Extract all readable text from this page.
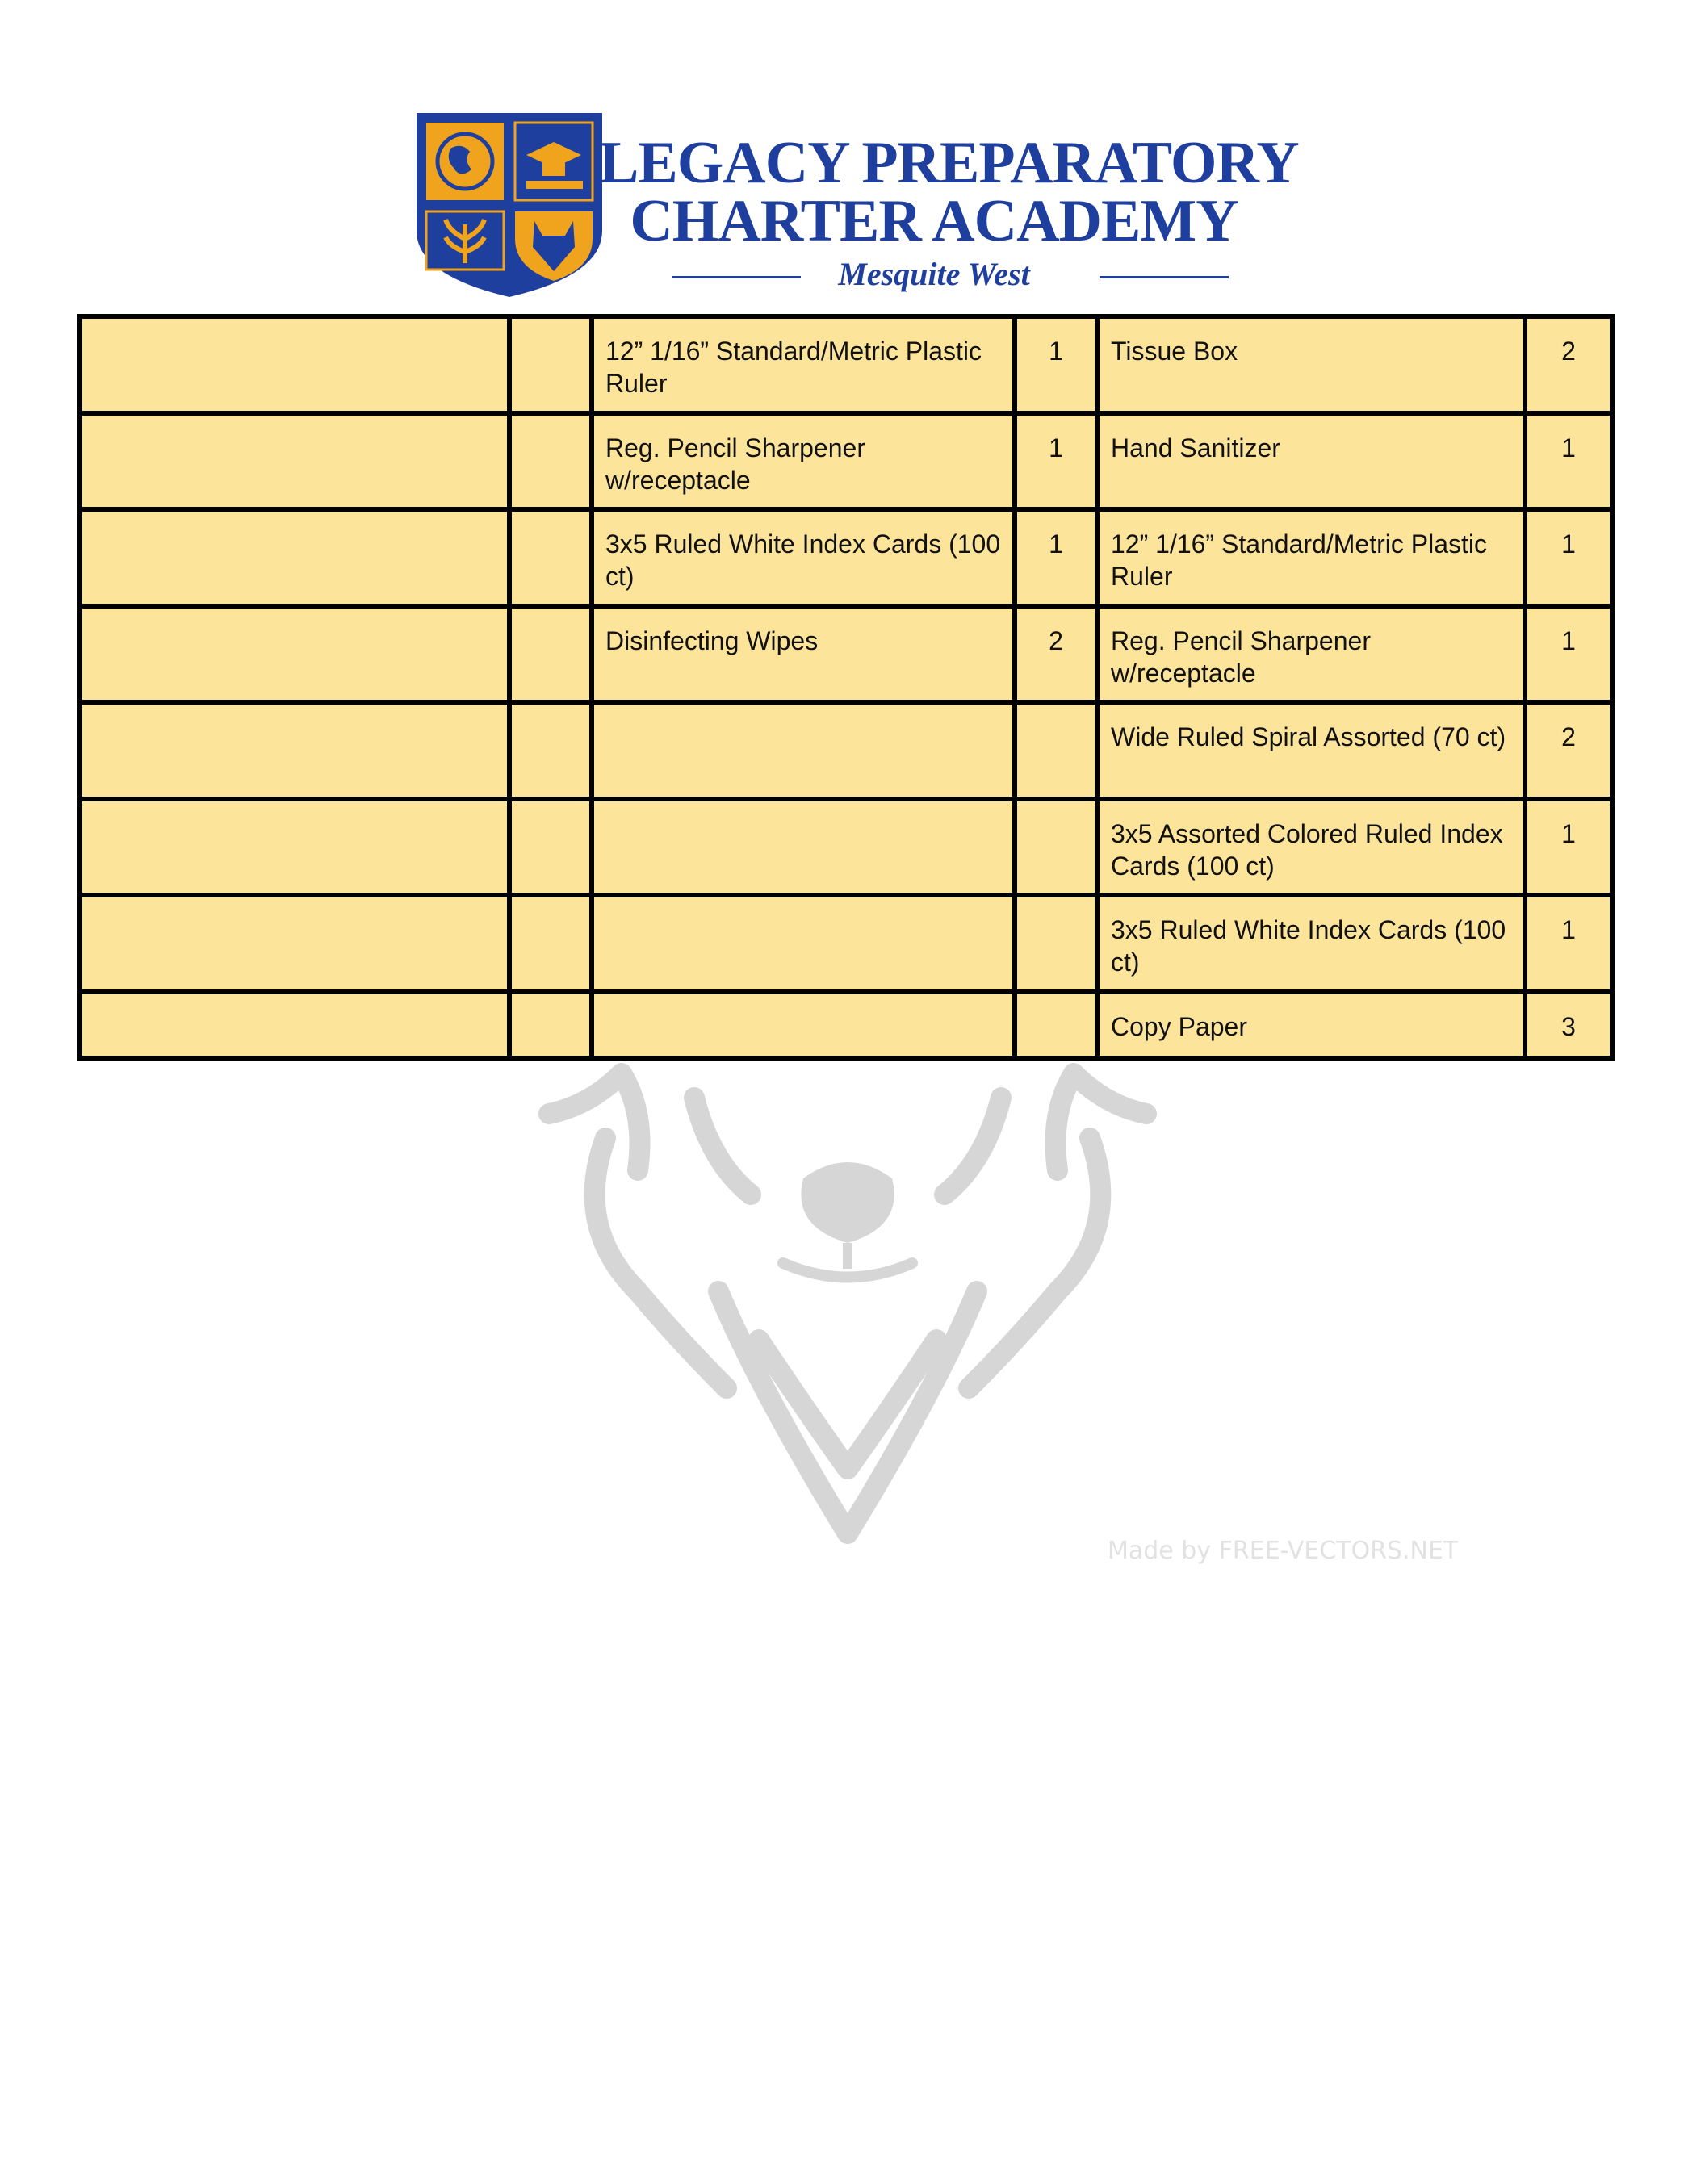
LEGACY PREPARATORY
CHARTER ACADEMY
Mesquite West
		12” 1/16” Standard/Metric Plastic Ruler	1	Tissue Box	2
		Reg. Pencil Sharpener w/receptacle	1	Hand Sanitizer	1
		3x5 Ruled White Index Cards (100 ct)	1	12” 1/16” Standard/Metric Plastic Ruler	1
		Disinfecting Wipes	2	Reg. Pencil Sharpener w/receptacle	1
				Wide Ruled Spiral Assorted (70 ct)	2
				3x5 Assorted Colored Ruled Index Cards (100 ct)	1
				3x5 Ruled White Index Cards (100 ct)	1
				Copy Paper	3
Made by FREE-VECTORS.NET
